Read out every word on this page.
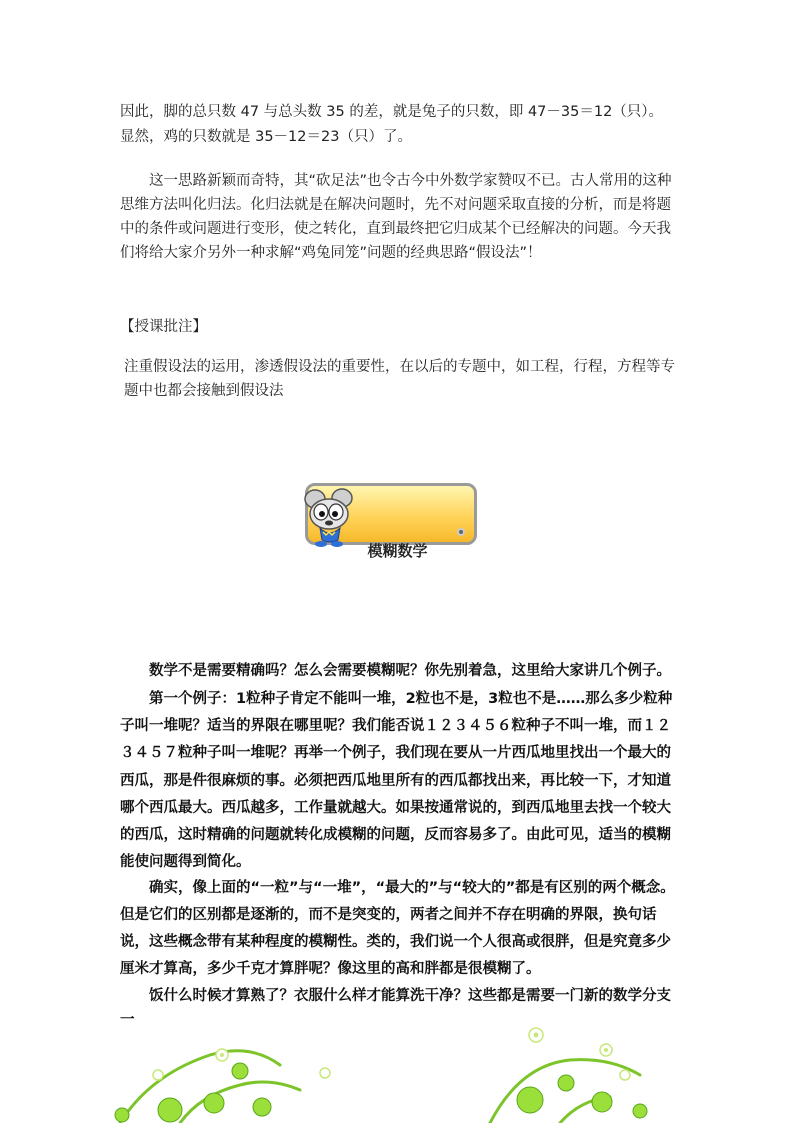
因此，脚的总只数 47 与总头数 35 的差，就是兔子的只数，即 47－35＝12（只）。

显然，鸡的只数就是 35－12＝23（只）了。

这一思路新颖而奇特，其“砍足法”也令古今中外数学家赞叹不已。古人常用的这种思维方法叫化归法。化归法就是在解决问题时，先不对问题采取直接的分析，而是将题中的条件或问题进行变形，使之转化，直到最终把它归成某个已经解决的问题。今天我们将给大家介另外一种求解“鸡兔同笼”问题的经典思路“假设法”！

【授课批注】

注重假设法的运用，渗透假设法的重要性，在以后的专题中，如工程，行程，方程等专题中也都会接触到假设法

模糊数学

数学不是需要精确吗？怎么会需要模糊呢？你先别着急，这里给大家讲几个例子。

第一个例子：1粒种子肯定不能叫一堆，2粒也不是，3粒也不是……那么多少粒种子叫一堆呢？适当的界限在哪里呢？我们能否说１２３４５６粒种子不叫一堆，而１２３４５７粒种子叫一堆呢？再举一个例子，我们现在要从一片西瓜地里找出一个最大的西瓜，那是件很麻烦的事。必须把西瓜地里所有的西瓜都找出来，再比较一下，才知道哪个西瓜最大。西瓜越多，工作量就越大。如果按通常说的，到西瓜地里去找一个较大的西瓜，这时精确的问题就转化成模糊的问题，反而容易多了。由此可见，适当的模糊能使问题得到简化。

确实，像上面的“一粒”与“一堆”，“最大的”与“较大的”都是有区别的两个概念。但是它们的区别都是逐渐的，而不是突变的，两者之间并不存在明确的界限，换句话说，这些概念带有某种程度的模糊性。类的，我们说一个人很高或很胖，但是究竟多少厘米才算高，多少千克才算胖呢？像这里的高和胖都是很模糊了。

饭什么时候才算熟了？衣服什么样才能算洗干净？这些都是需要一门新的数学分支一
